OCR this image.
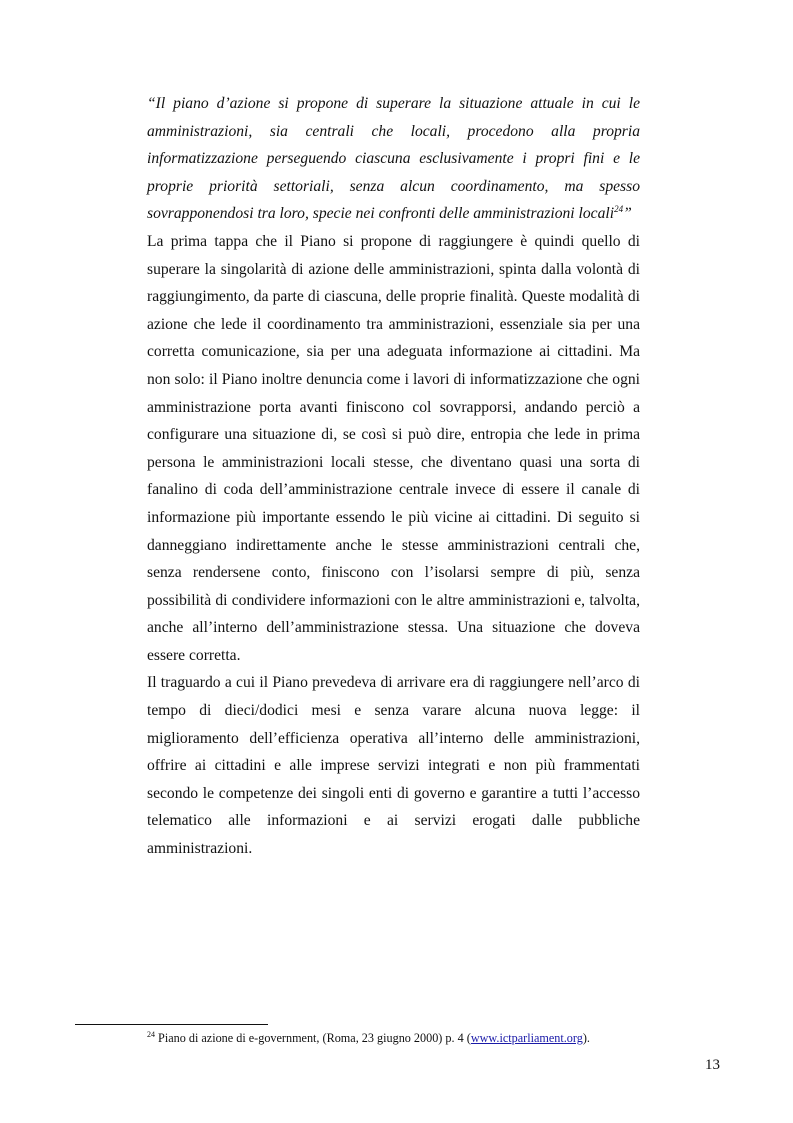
“Il piano d’azione si propone di superare la situazione attuale in cui le amministrazioni, sia centrali che locali, procedono alla propria informatizzazione perseguendo ciascuna esclusivamente i propri fini e le proprie priorità settoriali, senza alcun coordinamento, ma spesso sovrapponendosi tra loro, specie nei confronti delle amministrazioni locali$^{24}$”

La prima tappa che il Piano si propone di raggiungere è quindi quello di superare la singolarità di azione delle amministrazioni, spinta dalla volontà di raggiungimento, da parte di ciascuna, delle proprie finalità. Queste modalità di azione che lede il coordinamento tra amministrazioni, essenziale sia per una corretta comunicazione, sia per una adeguata informazione ai cittadini. Ma non solo: il Piano inoltre denuncia come i lavori di informatizzazione che ogni amministrazione porta avanti finiscono col sovrapporsi, andando perciò a configurare una situazione di, se così si può dire, entropia che lede in prima persona le amministrazioni locali stesse, che diventano quasi una sorta di fanalino di coda dell’amministrazione centrale invece di essere il canale di informazione più importante essendo le più vicine ai cittadini. Di seguito si danneggiano indirettamente anche le stesse amministrazioni centrali che, senza rendersene conto, finiscono con l’isolarsi sempre di più, senza possibilità di condividere informazioni con le altre amministrazioni e, talvolta, anche all’interno dell’amministrazione stessa. Una situazione che doveva essere corretta.

Il traguardo a cui il Piano prevedeva di arrivare era di raggiungere nell’arco di tempo di dieci/dodici mesi e senza varare alcuna nuova legge: il miglioramento dell’efficienza operativa all’interno delle amministrazioni, offrire ai cittadini e alle imprese servizi integrati e non più frammentati secondo le competenze dei singoli enti di governo e garantire a tutti l’accesso telematico alle informazioni e ai servizi erogati dalle pubbliche amministrazioni.

$^{24}$ Piano di azione di e-government, (Roma, 23 giugno 2000) p. 4 (www.ictparliament.org).
13
